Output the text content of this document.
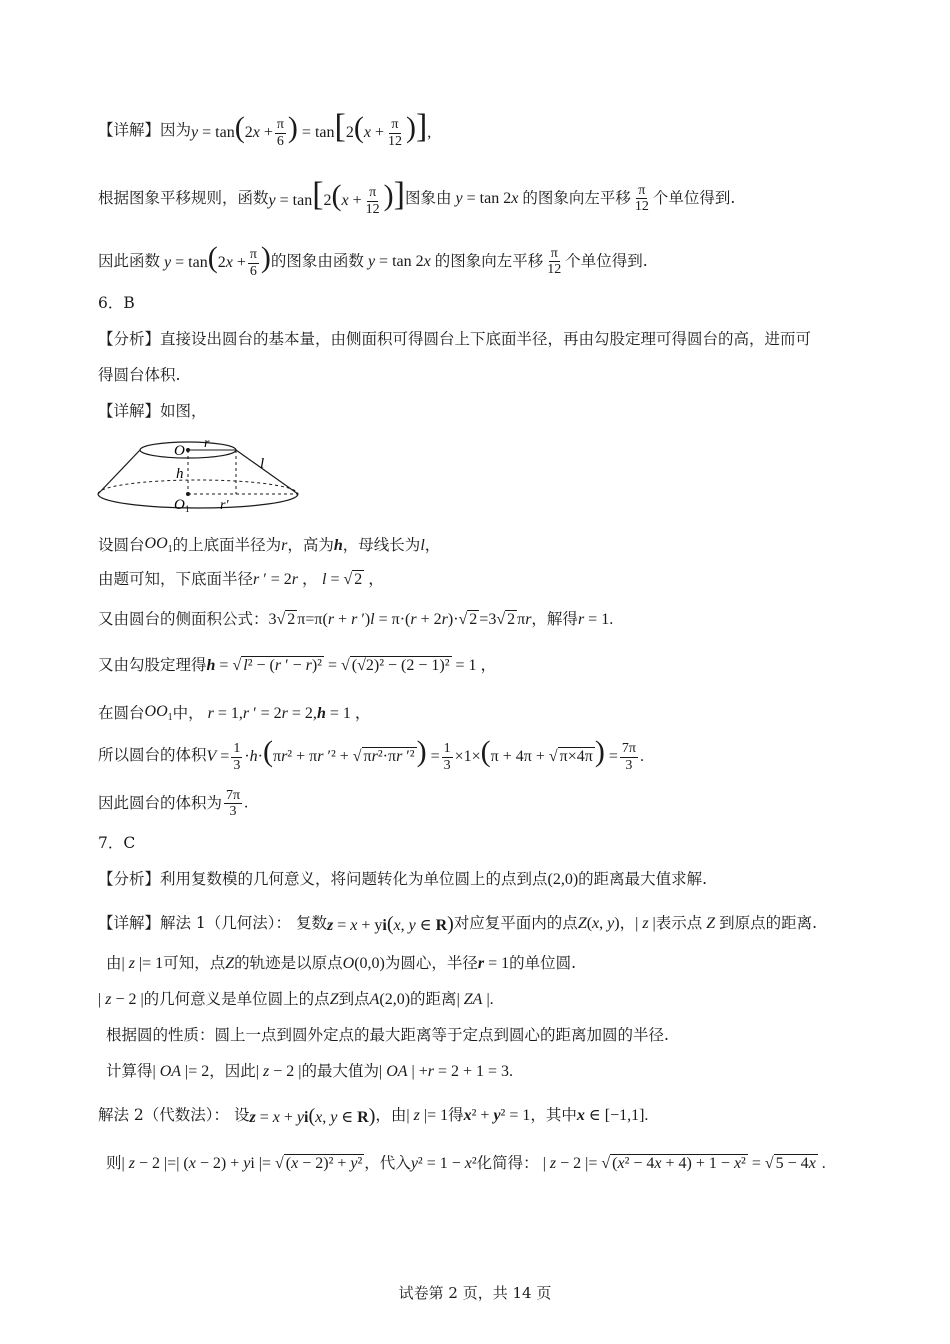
【详解】因为 $y = \tan(2x + \frac{\pi}{6}$ ) = $\tan[2(x + \frac{\pi}{12}$ )],
根据图象平移规则，函数 $y = \tan[2(x + \frac{\pi}{12}$ )] 图象由 y = tan 2x 的图象向左平移 $\frac{\pi}{12}$ 个单位得到.
因此函数 $y = \tan(2x + \frac{\pi}{6}$ ) 的图象由函数 y = tan 2x 的图象向左平移 $\frac{\pi}{12}$ 个单位得到.
6．B
【分析】直接设出圆台的基本量，由侧面积可得圆台上下底面半径，再由勾股定理可得圆台的高，进而可
得圆台体积.
【详解】如图，
O r
l
h
O 1 r′
设圆台 $OO_1$ 的上底面半径为 r ，高为 h ，母线长为 l ，
由题可知，下底面半径 r ′ = 2r ， l = √ 2 ，
又由圆台的侧面积公式： 3√ 2 π=π(r + r ′)l = π·(r + 2r)·√ 2 =3√ 2 πr ，解得 r = 1.
又由勾股定理得 h = √ l² − (r ′ − r)² = √ (√2)² − (2 − 1)² = 1 ，
在圆台 $OO_1$ 中， r = 1,r ′ = 2r = 2,h = 1 ，
所以圆台的体积 $V = \frac{1}{3} \cdot h\cdot(\pi r^2 + \pi r$ ′² + √ πr²·πr $'^2) = \frac{1}{3} \times 1\times(\pi + 4\pi$ + √ $\pi\times 4\pi) = \frac{7\pi}{3}$ .
因此圆台的体积为 $\frac{7\pi}{3}$ .
7．C
【分析】利用复数模的几何意义，将问题转化为单位圆上的点到点 (2,0) 的距离最大值求解.
【详解】解法 1（几何法）： 复数 z = x + yi(x, y ∈ R) 对应复平面内的点 Z(x, y) ， | z | 表示点 Z 到原点的距离.
由 | z |= 1 可知，点 Z 的轨迹是以原点 O(0,0) 为圆心，半径 r = 1 的单位圆.
| z − 2 | 的几何意义是单位圆上的点 Z 到点 A(2,0) 的距离 | ZA |.
根据圆的性质：圆上一点到圆外定点的最大距离等于定点到圆心的距离加圆的半径.
计算得 | OA |= 2 ，因此 | z − 2 | 的最大值为 | OA | +r = 2 + 1 = 3.
解法 2（代数法）： 设 z = x + yi(x, y ∈ R) ，由 | z |= 1 得 x² + y² = 1 ，其中 x ∈ [−1,1].
则 | z − 2 |=| (x − 2) + yi |= √ (x − 2)² + y² ，代入 y² = 1 − x² 化简得： | z − 2 |= √ (x² − 4x + 4) + 1 − x² = √ 5 − 4x .
试卷第 2 页，共 14 页
